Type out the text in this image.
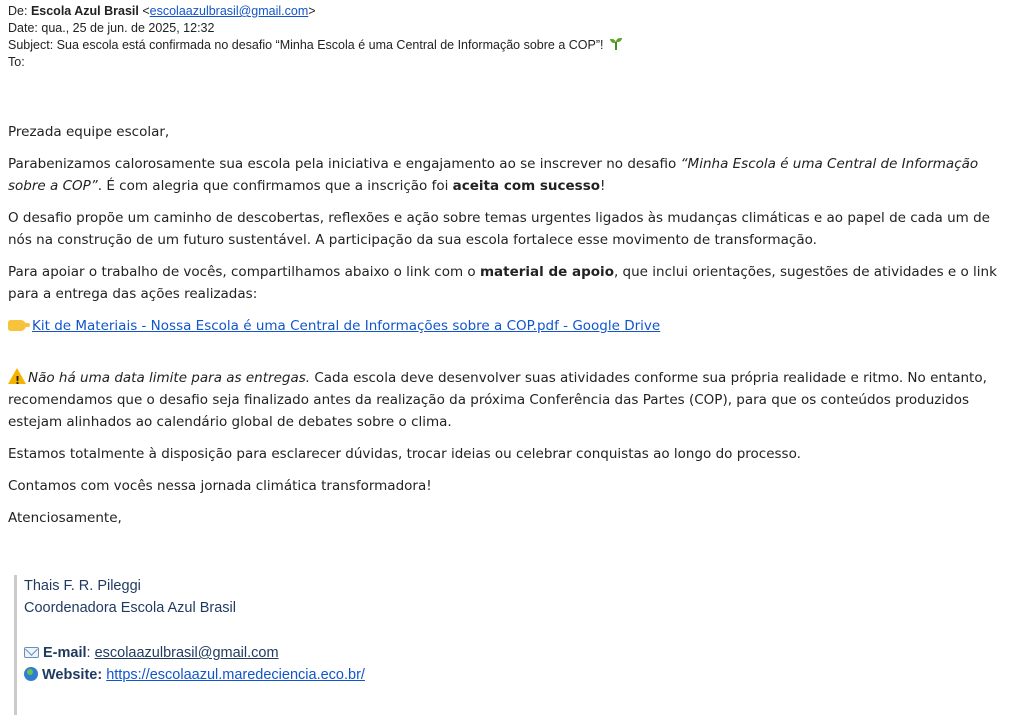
De: Escola Azul Brasil <escolaazulbrasil@gmail.com>
Date: qua., 25 de jun. de 2025, 12:32
Subject: Sua escola está confirmada no desafio “Minha Escola é uma Central de Informação sobre a COP”!
To:

Prezada equipe escolar,

Parabenizamos calorosamente sua escola pela iniciativa e engajamento ao se inscrever no desafio “Minha Escola é uma Central de Informação sobre a COP”. É com alegria que confirmamos que a inscrição foi aceita com sucesso!

O desafio propõe um caminho de descobertas, reflexões e ação sobre temas urgentes ligados às mudanças climáticas e ao papel de cada um de nós na construção de um futuro sustentável. A participação da sua escola fortalece esse movimento de transformação.

Para apoiar o trabalho de vocês, compartilhamos abaixo o link com o material de apoio, que inclui orientações, sugestões de atividades e o link para a entrega das ações realizadas:

Kit de Materiais - Nossa Escola é uma Central de Informações sobre a COP.pdf - Google Drive

!Não há uma data limite para as entregas. Cada escola deve desenvolver suas atividades conforme sua própria realidade e ritmo. No entanto, recomendamos que o desafio seja finalizado antes da realização da próxima Conferência das Partes (COP), para que os conteúdos produzidos estejam alinhados ao calendário global de debates sobre o clima.

Estamos totalmente à disposição para esclarecer dúvidas, trocar ideias ou celebrar conquistas ao longo do processo.

Contamos com vocês nessa jornada climática transformadora!

Atenciosamente,

Thais F. R. Pileggi
Coordenadora Escola Azul Brasil
E-mail: escolaazulbrasil@gmail.com
Website: https://escolaazul.maredeciencia.eco.br/
